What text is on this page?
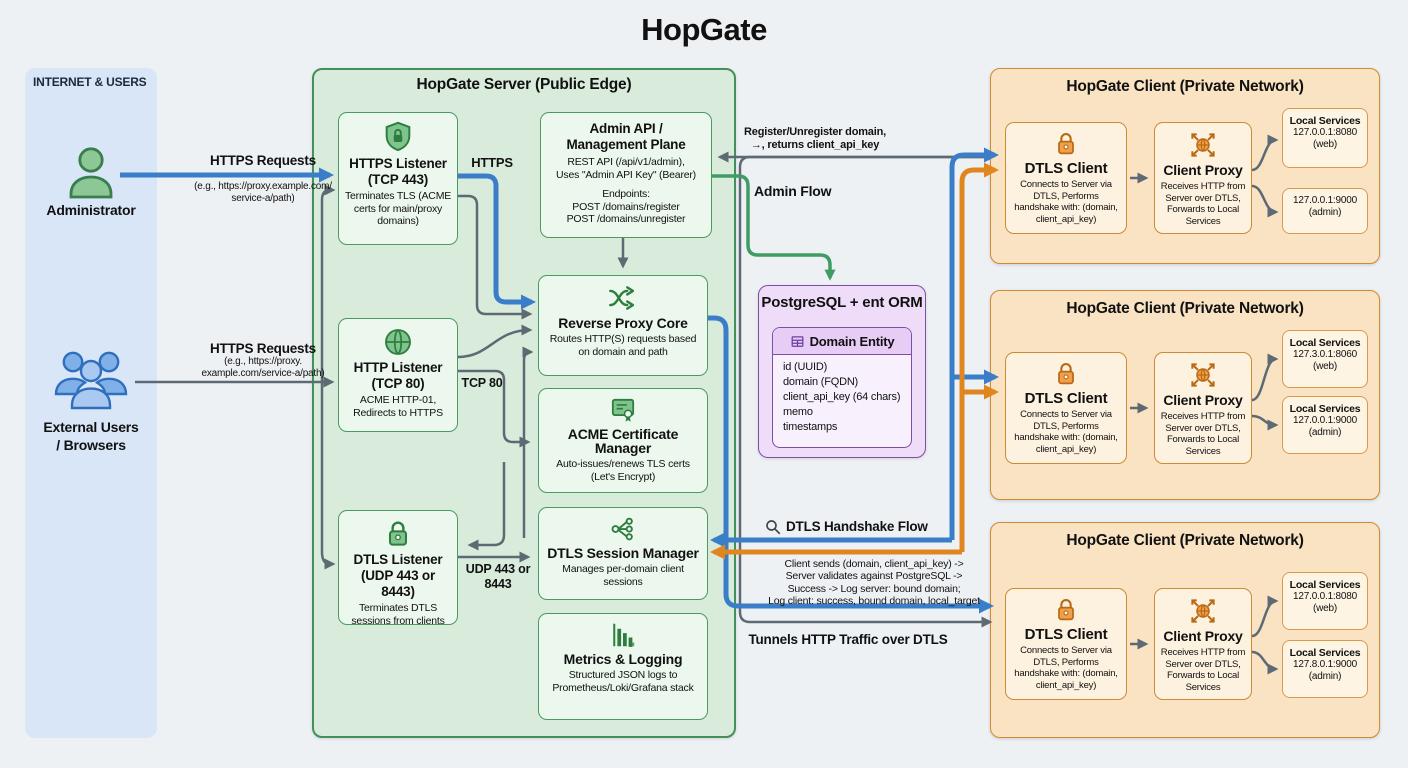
HopGate
INTERNET & USERS
Administrator
External Users
/ Browsers
HTTPS Requests
(e.g., https://proxy.example.com/
service-a/path)
HTTPS Requests
(e.g., https://proxy.
example.com/service-a/path)
HopGate Server (Public Edge)
HTTPS Listener
(TCP 443)
Terminates TLS (ACME certs for main/proxy domains)
HTTP Listener
(TCP 80)
ACME HTTP-01, Redirects to HTTPS
DTLS Listener
(UDP 443 or 8443)
Terminates DTLS sessions from clients
Admin API /
Management Plane
REST API (/api/v1/admin),
Uses "Admin API Key" (Bearer)
Endpoints:
POST /domains/register
POST /domains/unregister
Reverse Proxy Core
Routes HTTP(S) requests based on domain and path
ACME Certificate
Manager
Auto-issues/renews TLS certs (Let's Encrypt)
DTLS Session Manager
Manages per-domain client sessions
Metrics & Logging
Structured JSON logs to Prometheus/Loki/Grafana stack
HTTPS
TCP 80
UDP 443 or
8443
Register/Unregister domain,
→, returns client_api_key
Admin Flow
DTLS Handshake Flow
Client sends (domain, client_api_key) ->
Server validates against PostgreSQL ->
Success -> Log server: bound domain;
Log client: success, bound domain, local_target
Tunnels HTTP Traffic over DTLS
PostgreSQL + ent ORM
Domain Entity
id (UUID)
domain (FQDN)
client_api_key (64 chars)
memo
timestamps
HopGate Client (Private Network)
DTLS Client
Connects to Server via DTLS, Performs handshake with: (domain, client_api_key)
Client Proxy
Receives HTTP from Server over DTLS, Forwards to Local Services
Local Services
127.0.0.1:8080
(web)
127.0.0.1:9000
(admin)
HopGate Client (Private Network)
DTLS Client
Connects to Server via DTLS, Performs handshake with: (domain, client_api_key)
Client Proxy
Receives HTTP from Server over DTLS, Forwards to Local Services
Local Services
127.3.0.1:8060
(web)
Local Services
127.0.0.1:9000
(admin)
HopGate Client (Private Network)
DTLS Client
Connects to Server via DTLS, Performs handshake with: (domain, client_api_key)
Client Proxy
Receives HTTP from Server over DTLS, Forwards to Local Services
Local Services
127.0.0.1:8080
(web)
Local Services
127.8.0.1:9000
(admin)
